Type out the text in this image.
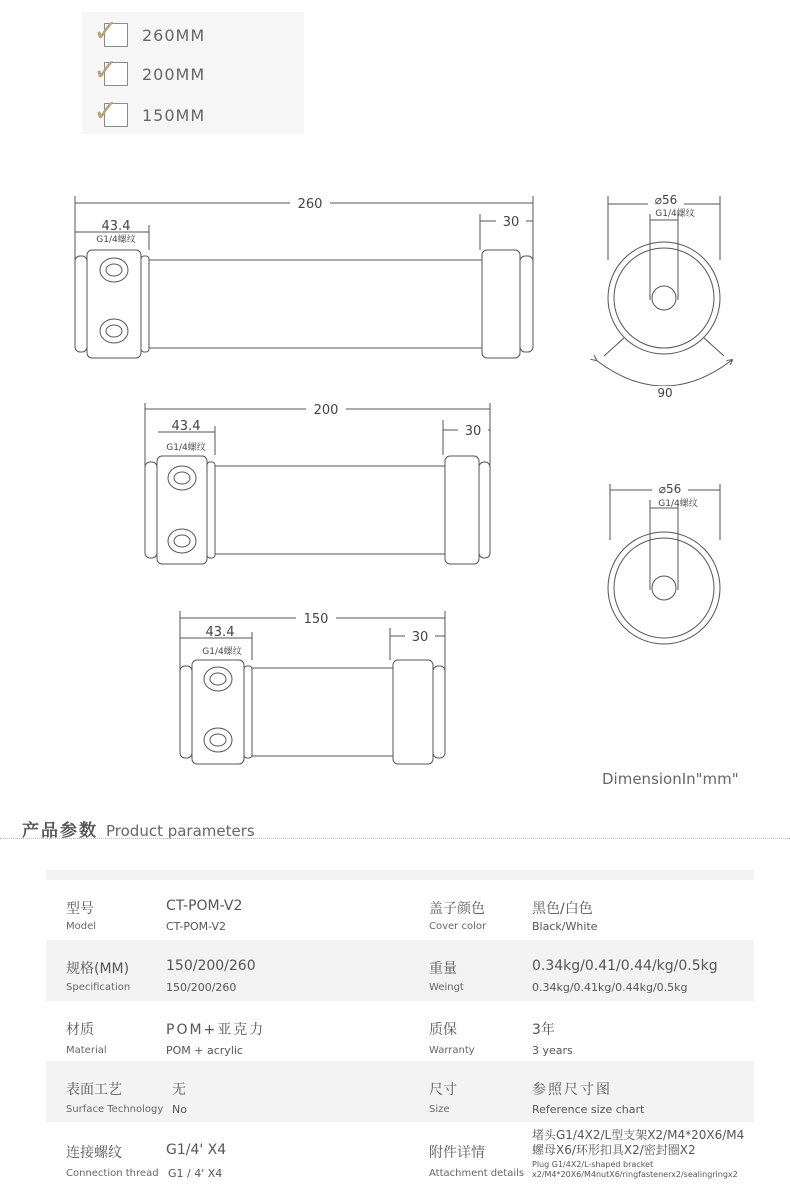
✓ 260MM
✓ 200MM
✓ 150MM
260
30
43.4
G1/4螺纹
200
30
43.4
G1/4螺纹
150
30
43.4
G1/4螺纹
⌀56
G1/4螺纹
90
⌀56
G1/4螺纹
DimensionIn"mm"
产品参数 Product parameters
型号
Model
CT-POM-V2
CT-POM-V2
盖子颜色
Cover color
黑色/白色
Black/White
规格(MM)
Specification
150/200/260
150/200/260
重量
Weingt
0.34kg/0.41/0.44/kg/0.5kg
0.34kg/0.41kg/0.44kg/0.5kg
材质
Material
POM+亚克力
POM + acrylic
质保
Warranty
3年
3 years
表面工艺
Surface Technology
无
No
尺寸
Size
参照尺寸图
Reference size chart
连接螺纹
Connection thread
G1/4' X4
G1 / 4' X4
附件详情
Attachment details
堵头G1/4X2/L型支架X2/M4*20X6/M4螺母X6/环形扣具X2/密封圈X2
Plug G1/4X2/L-shaped bracket x2/M4*20X6/M4nutX6/ringfastenerx2/sealingringx2
